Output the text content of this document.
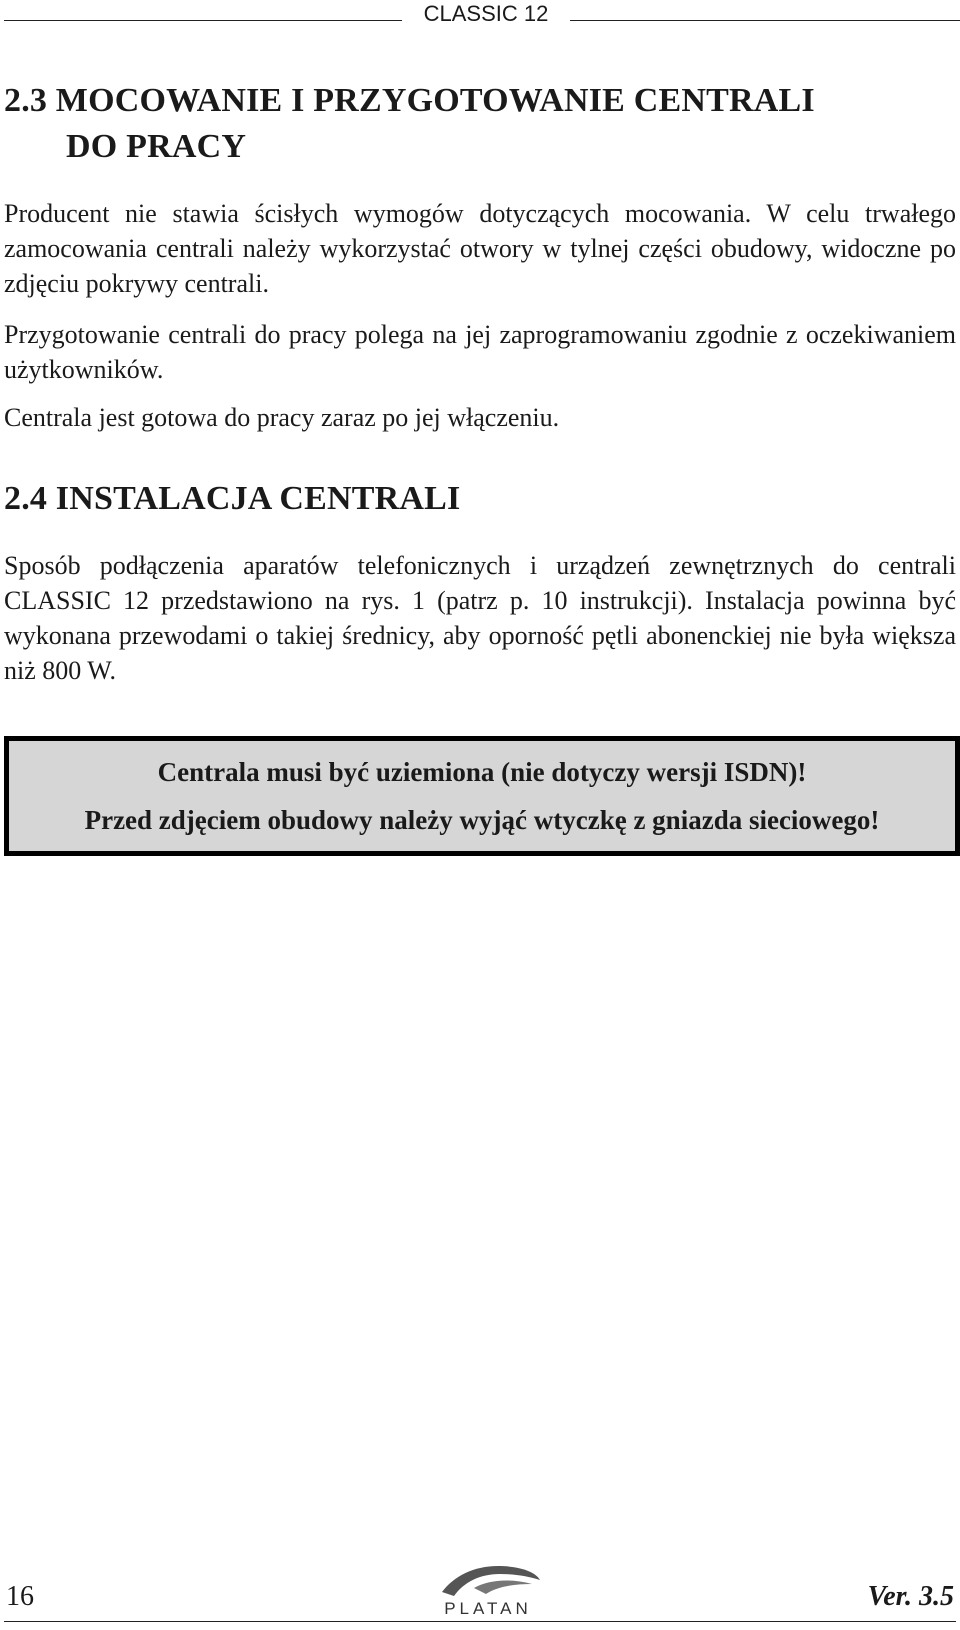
CLASSIC 12
2.3 MOCOWANIE I PRZYGOTOWANIE CENTRALI
DO PRACY

Producent nie stawia ścisłych wymogów dotyczących mocowania. W celu trwałego zamocowania centrali należy wykorzystać otwory w tylnej części obudowy, widoczne po zdjęciu pokrywy centrali.

Przygotowanie centrali do pracy polega na jej zaprogramowaniu zgodnie z oczekiwaniem użytkowników.

Centrala jest gotowa do pracy zaraz po jej włączeniu.

2.4 INSTALACJA CENTRALI

Sposób podłączenia aparatów telefonicznych i urządzeń zewnętrznych do centrali CLASSIC 12 przedstawiono na rys. 1 (patrz p. 10 instrukcji). Instalacja powinna być wykonana przewodami o takiej średnicy, aby oporność pętli abonenckiej nie była większa niż 800 W.

Centrala musi być uziemiona (nie dotyczy wersji ISDN)!
Przed zdjęciem obudowy należy wyjąć wtyczkę z gniazda sieciowego!
16	PLATAN	Ver. 3.5
